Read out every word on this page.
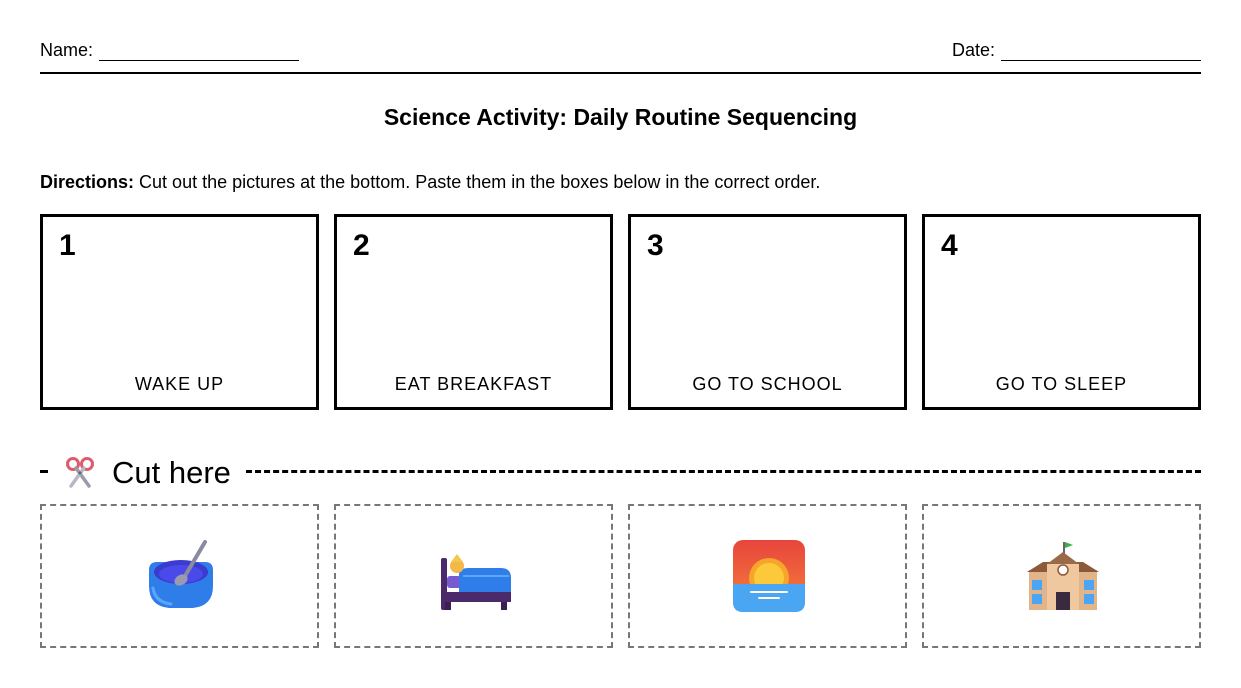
Name:	Date:
Science Activity: Daily Routine Sequencing
Directions: Cut out the pictures at the bottom. Paste them in the boxes below in the correct order.
1
WAKE UP
2
EAT BREAKFAST
3
GO TO SCHOOL
4
GO TO SLEEP
Cut here
